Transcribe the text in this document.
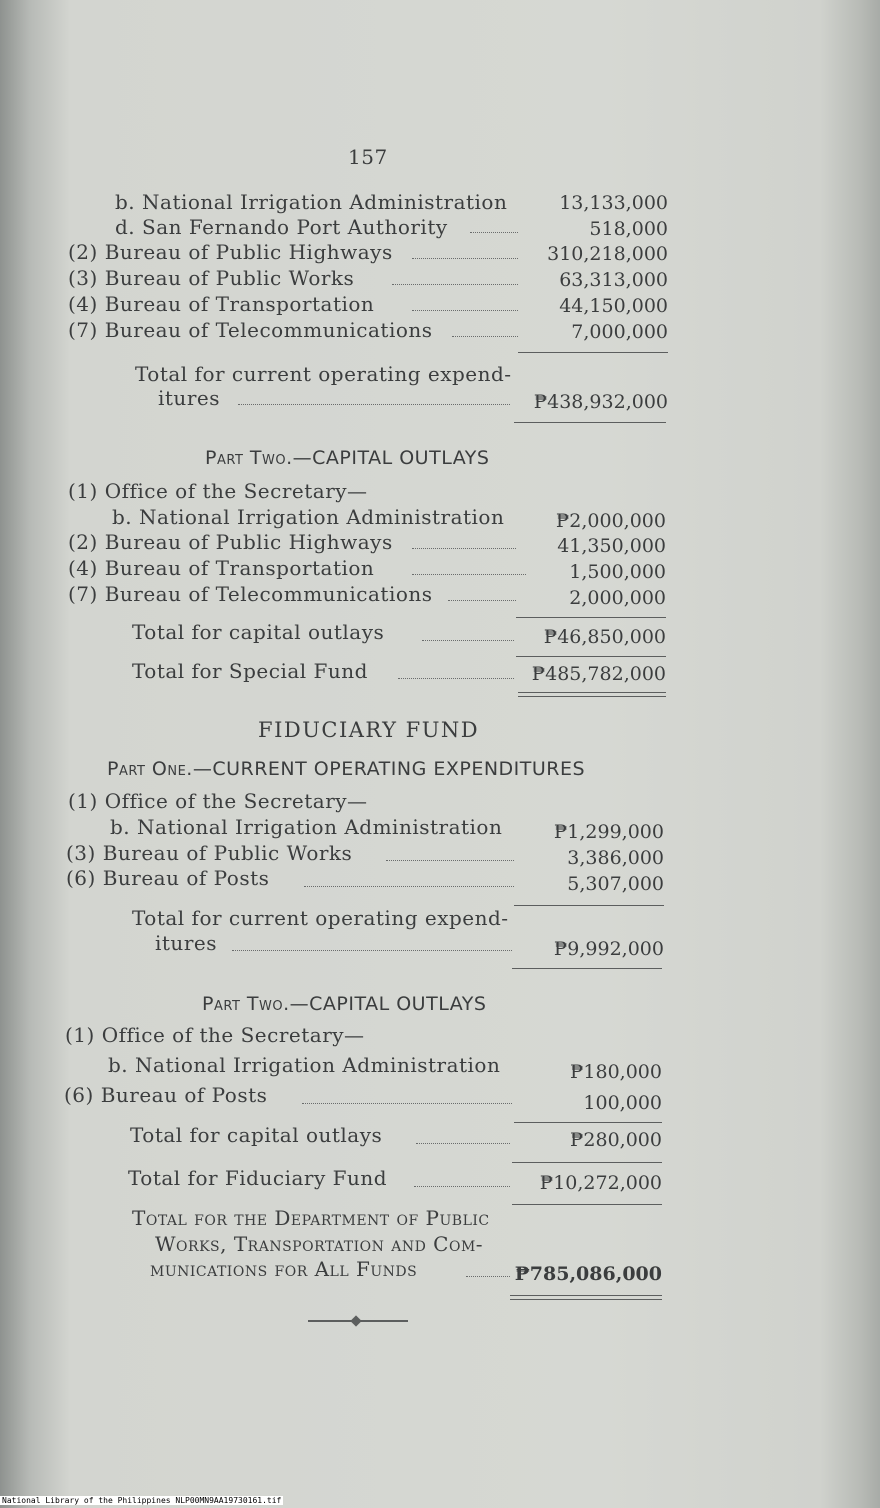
157
b. National Irrigation Administration	13,133,000
d. San Fernando Port Authority	518,000
(2) Bureau of Public Highways	310,218,000
(3) Bureau of Public Works	63,313,000
(4) Bureau of Transportation	44,150,000
(7) Bureau of Telecommunications	7,000,000
Total for current operating expend-
itures	₱438,932,000
Part Two.—CAPITAL OUTLAYS
(1) Office of the Secretary—
b. National Irrigation Administration	₱2,000,000
(2) Bureau of Public Highways	41,350,000
(4) Bureau of Transportation	1,500,000
(7) Bureau of Telecommunications	2,000,000
Total for capital outlays	₱46,850,000
Total for Special Fund	₱485,782,000
FIDUCIARY FUND
Part One.—CURRENT OPERATING EXPENDITURES
(1) Office of the Secretary—
b. National Irrigation Administration	₱1,299,000
(3) Bureau of Public Works	3,386,000
(6) Bureau of Posts	5,307,000
Total for current operating expend-
itures	₱9,992,000
Part Two.—CAPITAL OUTLAYS
(1) Office of the Secretary—
b. National Irrigation Administration	₱180,000
(6) Bureau of Posts	100,000
Total for capital outlays	₱280,000
Total for Fiduciary Fund	₱10,272,000
Total for the Department of Public
Works, Transportation and Com-
munications for All Funds	₱785,086,000
National Library of the Philippines NLP00MN9AA19730161.tif
